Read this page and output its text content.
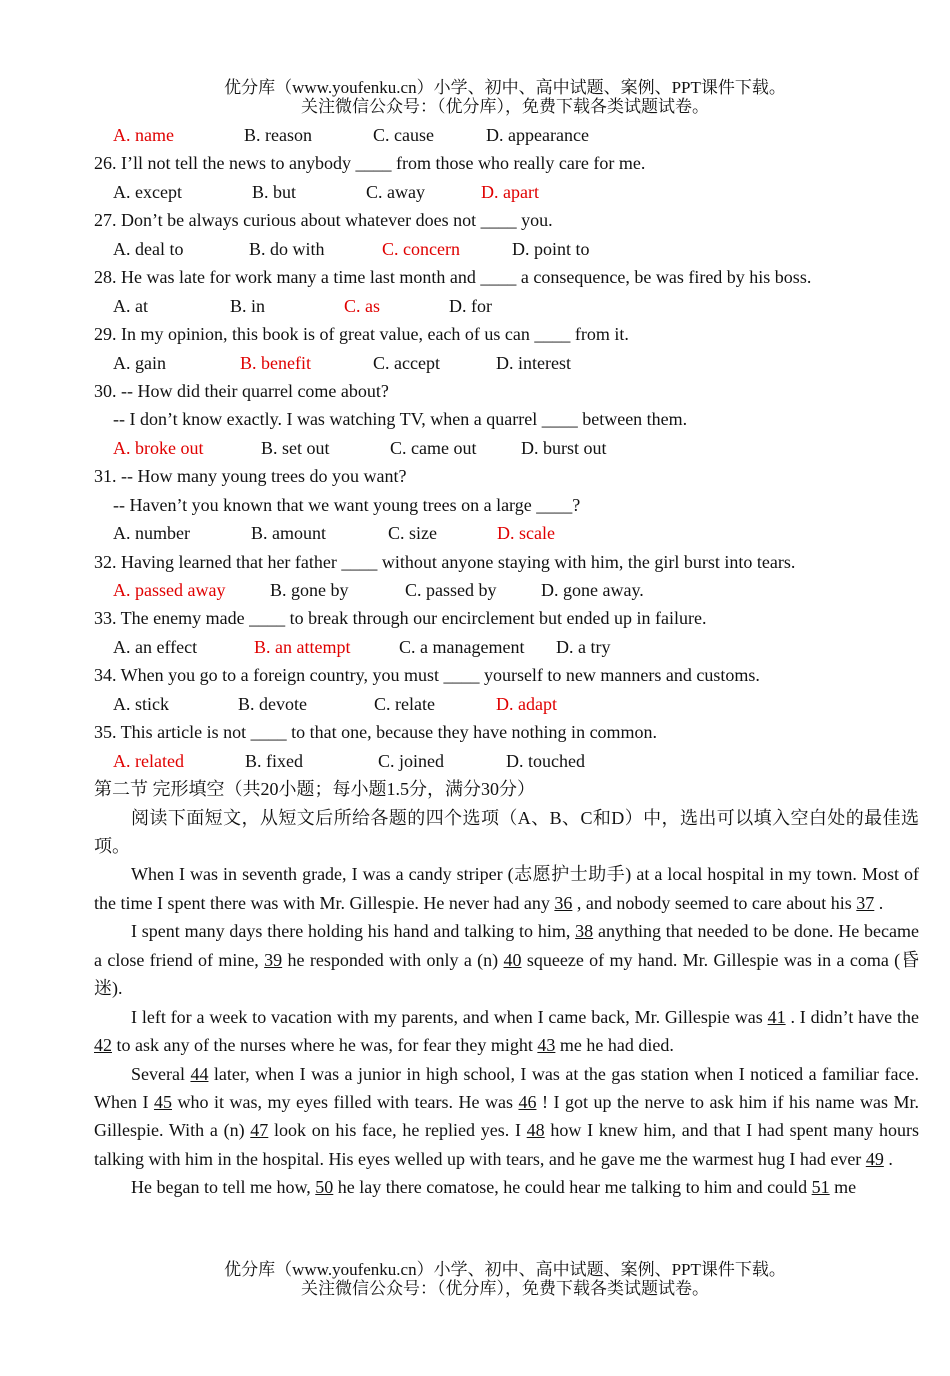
优分库（www.youfenku.cn）小学、初中、高中试题、案例、PPT课件下载。
关注微信公众号：（优分库），免费下载各类试题试卷。
A. name	B. reason	C. cause	D. appearance
26. I’ll not tell the news to anybody ____ from those who really care for me.
A. except	B. but	C. away	D. apart
27. Don’t be always curious about whatever does not ____ you.
A. deal to	B. do with	C. concern	D. point to
28. He was late for work many a time last month and ____ a consequence, be was fired by his boss.
A. at	B. in	C. as	D. for
29. In my opinion, this book is of great value, each of us can ____ from it.
A. gain	B. benefit	C. accept	D. interest
30. -- How did their quarrel come about?
-- I don’t know exactly. I was watching TV, when a quarrel ____ between them.
A. broke out	B. set out	C. came out D. burst out
31. -- How many young trees do you want?
-- Haven’t you known that we want young trees on a large ____?
A. number	B. amount	C. size	D. scale
32. Having learned that her father ____ without anyone staying with him, the girl burst into tears.
A. passed away B. gone by	C. passed by D. gone away.
33. The enemy made ____ to break through our encirclement but ended up in failure.
A. an effect	B. an attempt	C. a management D. a try
34. When you go to a foreign country, you must ____ yourself to new manners and customs.
A. stick	B. devote	C. relate	D. adapt
35. This article is not ____ to that one, because they have nothing in common.
A. related	B. fixed	C. joined	D. touched
第二节 完形填空（共20小题；每小题1.5分，满分30分）
阅读下面短文，从短文后所给各题的四个选项（A、B、C和D）中，选出可以填入空白处的最佳选项。
When I was in seventh grade, I was a candy striper (志愿护士助手) at a local hospital in my town. Most of the time I spent there was with Mr. Gillespie. He never had any 36 , and nobody seemed to care about his 37 .
I spent many days there holding his hand and talking to him, 38 anything that needed to be done. He became a close friend of mine, 39 he responded with only a (n) 40 squeeze of my hand. Mr. Gillespie was in a coma (昏迷).
I left for a week to vacation with my parents, and when I came back, Mr. Gillespie was 41 . I didn’t have the 42 to ask any of the nurses where he was, for fear they might 43 me he had died.
Several 44 later, when I was a junior in high school, I was at the gas station when I noticed a familiar face. When I 45 who it was, my eyes filled with tears. He was 46 ! I got up the nerve to ask him if his name was Mr. Gillespie. With a (n) 47 look on his face, he replied yes. I 48 how I knew him, and that I had spent many hours talking with him in the hospital. His eyes welled up with tears, and he gave me the warmest hug I had ever 49 .
He began to tell me how, 50 he lay there comatose, he could hear me talking to him and could 51 me
优分库（www.youfenku.cn）小学、初中、高中试题、案例、PPT课件下载。
关注微信公众号：（优分库），免费下载各类试题试卷。
